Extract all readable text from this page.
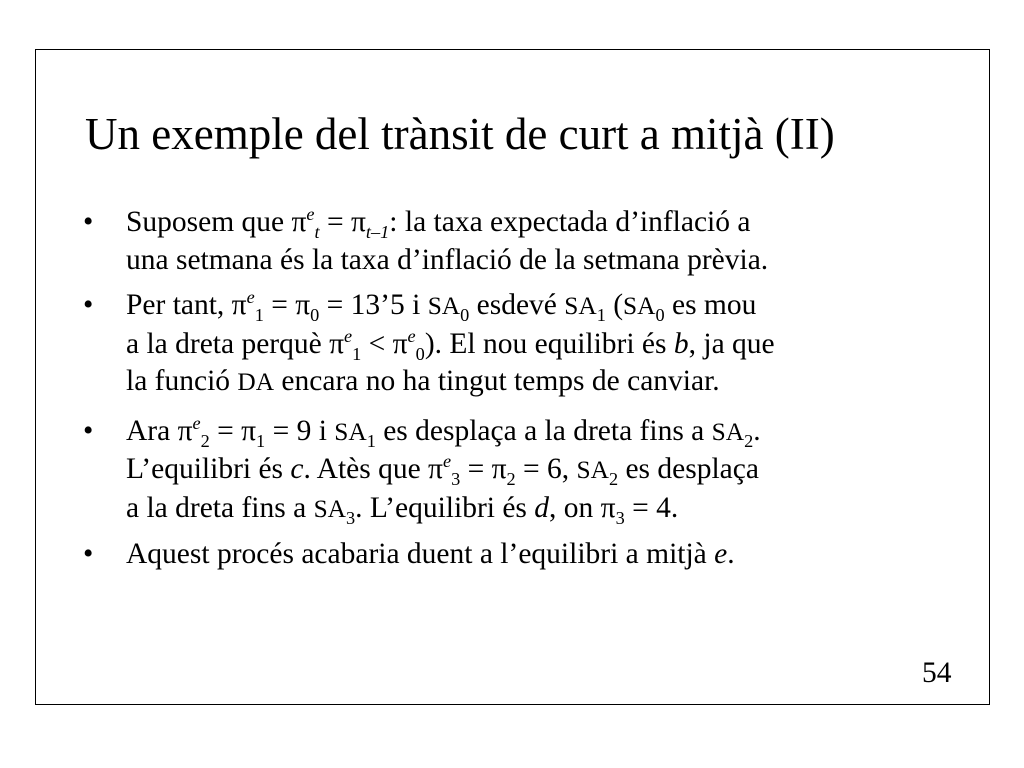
Un exemple del trànsit de curt a mitjà (II)
• Suposem que $\pi^e_t = \pi_{t-1}$: la taxa expectada d’inflació a
una setmana és la taxa d’inflació de la setmana prèvia.
• Per tant, $\pi^e_1 = \pi_0$ = 13’5 i $SA_0$ esdevé $SA_1$ ($SA_0$ es mou
a la dreta perquè $\pi^e_1 < \pi^e_0$). El nou equilibri és b, ja que
la funció DA encara no ha tingut temps de canviar.
• Ara $\pi^e_2 = \pi_1 = 9$ i $SA_1$ es desplaça a la dreta fins a $SA_2$.
L’equilibri és c. Atès que $\pi^e_3 = \pi_2 = 6$, $SA_2$ es desplaça
a la dreta fins a $SA_3$. L’equilibri és d, on $\pi_3 = 4$.
• Aquest procés acabaria duent a l’equilibri a mitjà e.
54
